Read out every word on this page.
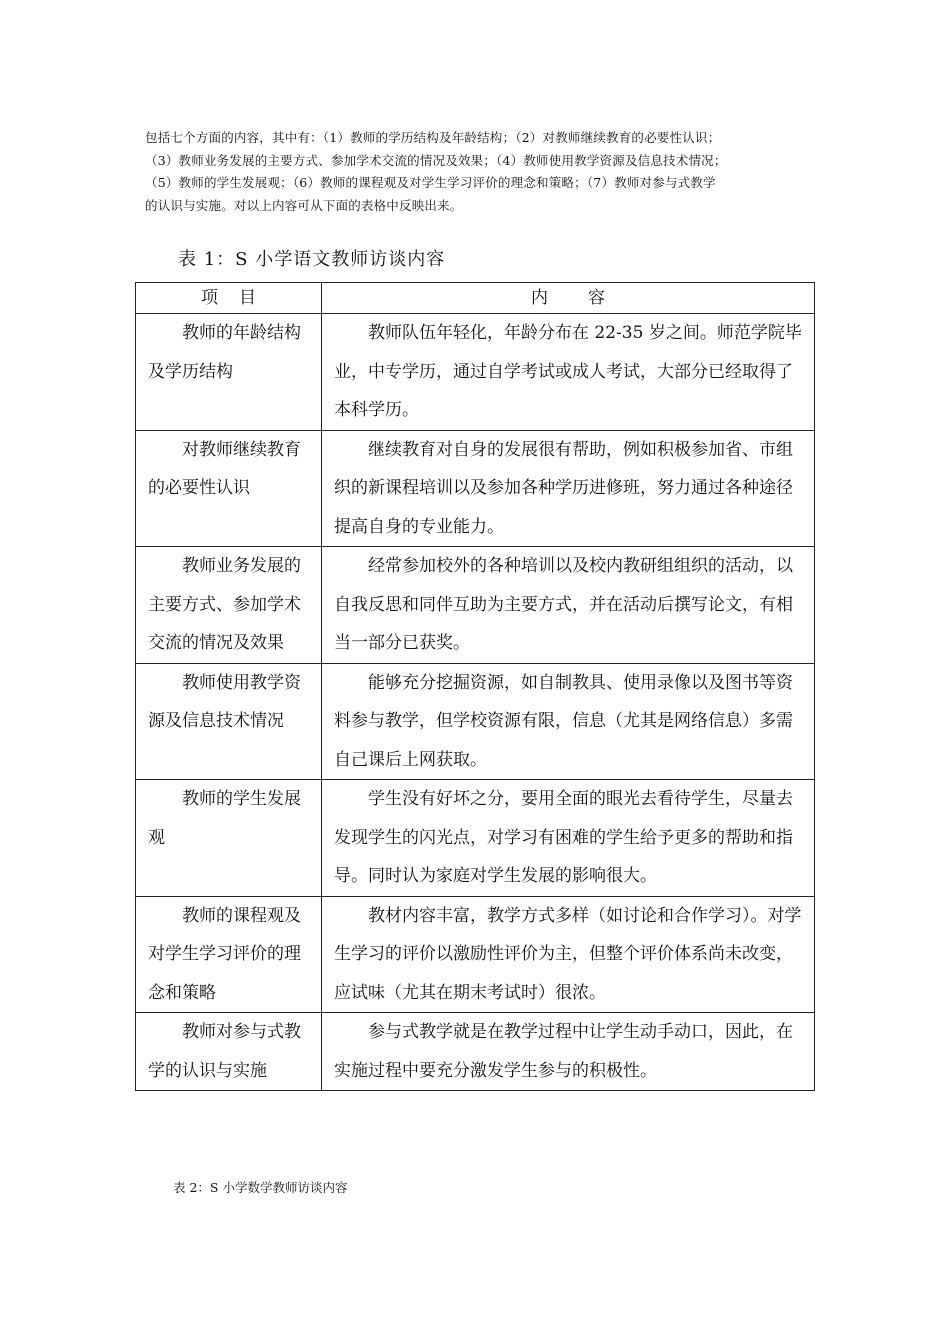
包括七个方面的内容，其中有：（1）教师的学历结构及年龄结构；（2）对教师继续教育的必要性认识；

（3）教师业务发展的主要方式、参加学术交流的情况及效果；（4）教师使用教学资源及信息技术情况；

（5）教师的学生发展观；（6）教师的课程观及对学生学习评价的理念和策略；（7）教师对参与式教学

的认识与实施。对以上内容可从下面的表格中反映出来。

表 1：S 小学语文教师访谈内容
项　目	内　　容
教师的年龄结构及学历结构	教师队伍年轻化，年龄分布在 22-35 岁之间。师范学院毕业，中专学历，通过自学考试或成人考试，大部分已经取得了本科学历。
对教师继续教育的必要性认识	继续教育对自身的发展很有帮助，例如积极参加省、市组织的新课程培训以及参加各种学历进修班，努力通过各种途径提高自身的专业能力。
教师业务发展的主要方式、参加学术交流的情况及效果	经常参加校外的各种培训以及校内教研组组织的活动，以自我反思和同伴互助为主要方式，并在活动后撰写论文，有相当一部分已获奖。
教师使用教学资源及信息技术情况	能够充分挖掘资源，如自制教具、使用录像以及图书等资料参与教学，但学校资源有限，信息（尤其是网络信息）多需自己课后上网获取。
教师的学生发展观	学生没有好坏之分，要用全面的眼光去看待学生，尽量去发现学生的闪光点，对学习有困难的学生给予更多的帮助和指导。同时认为家庭对学生发展的影响很大。
教师的课程观及对学生学习评价的理念和策略	教材内容丰富，教学方式多样（如讨论和合作学习）。对学生学习的评价以激励性评价为主，但整个评价体系尚未改变，应试味（尤其在期末考试时）很浓。
教师对参与式教学的认识与实施	参与式教学就是在教学过程中让学生动手动口，因此，在实施过程中要充分激发学生参与的积极性。
表 2：S 小学数学教师访谈内容
